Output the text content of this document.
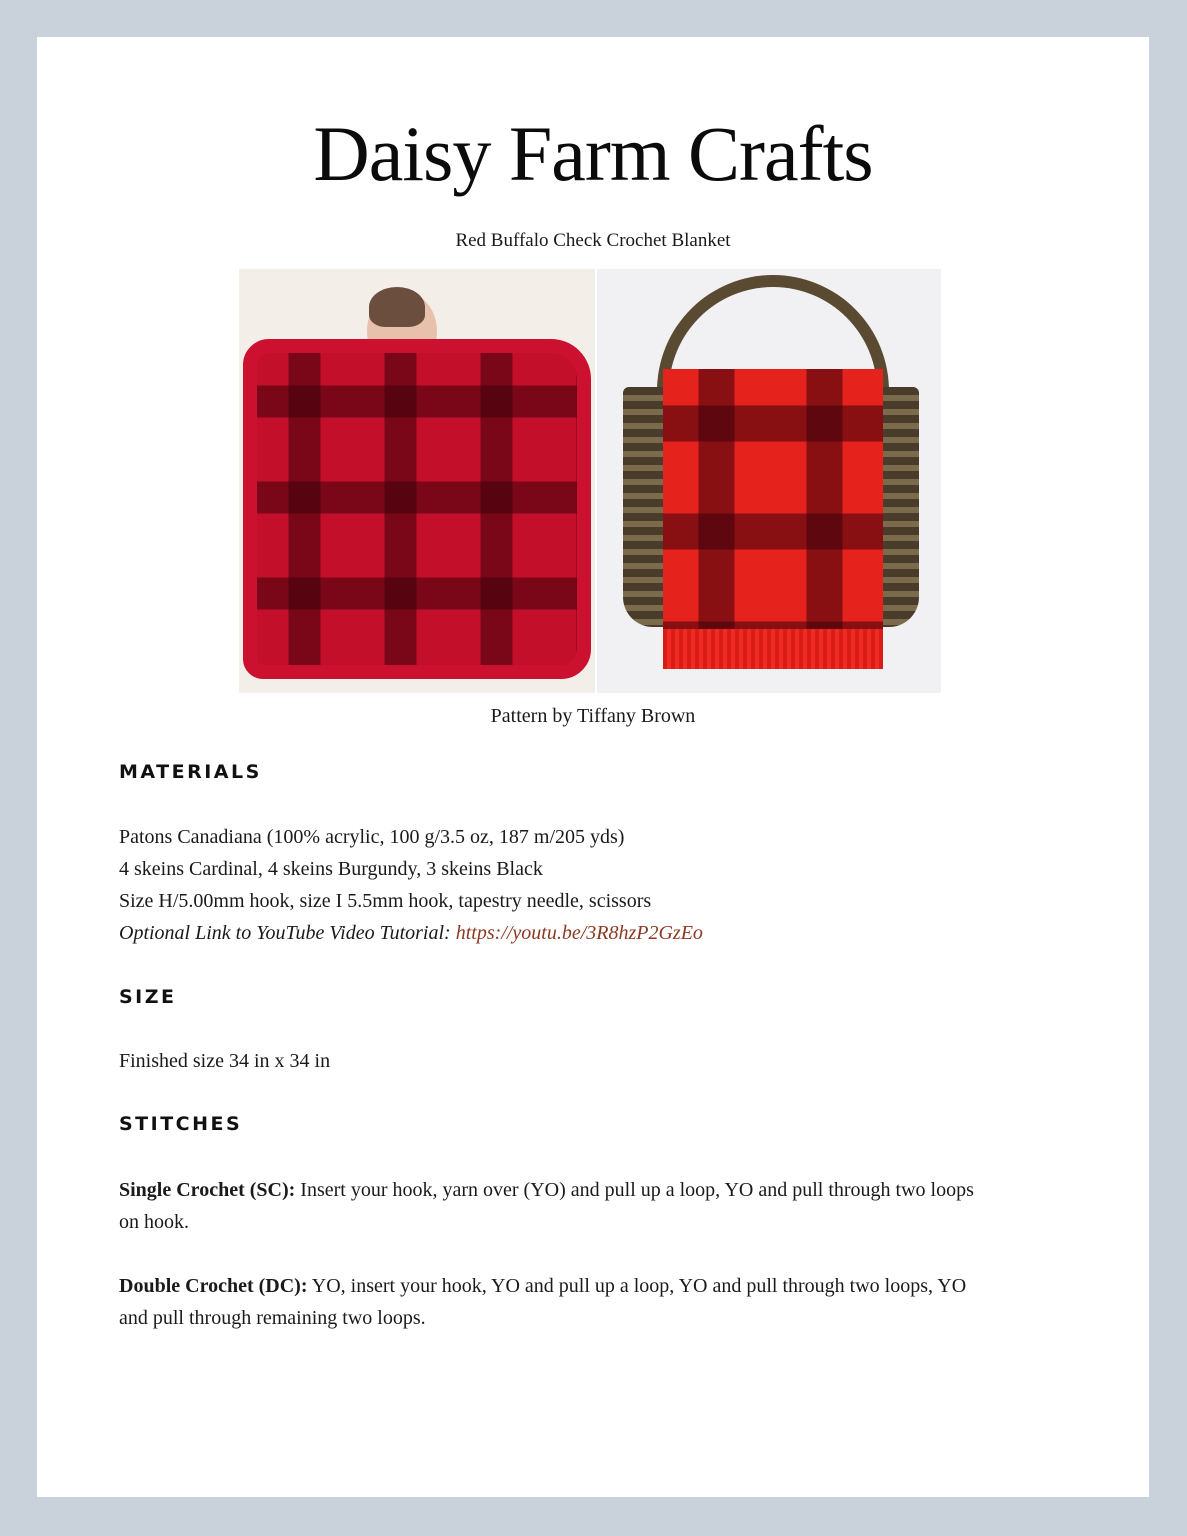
Daisy Farm Crafts
Red Buffalo Check Crochet Blanket
Pattern by Tiffany Brown
MATERIALS
Patons Canadiana (100% acrylic, 100 g/3.5 oz, 187 m/205 yds)
4 skeins Cardinal, 4 skeins Burgundy, 3 skeins Black
Size H/5.00mm hook, size I 5.5mm hook, tapestry needle, scissors
Optional Link to YouTube Video Tutorial: https://youtu.be/3R8hzP2GzEo
SIZE
Finished size 34 in x 34 in
STITCHES
Single Crochet (SC): Insert your hook, yarn over (YO) and pull up a loop, YO and pull through two loops
on hook.
Double Crochet (DC): YO, insert your hook, YO and pull up a loop, YO and pull through two loops, YO
and pull through remaining two loops.
